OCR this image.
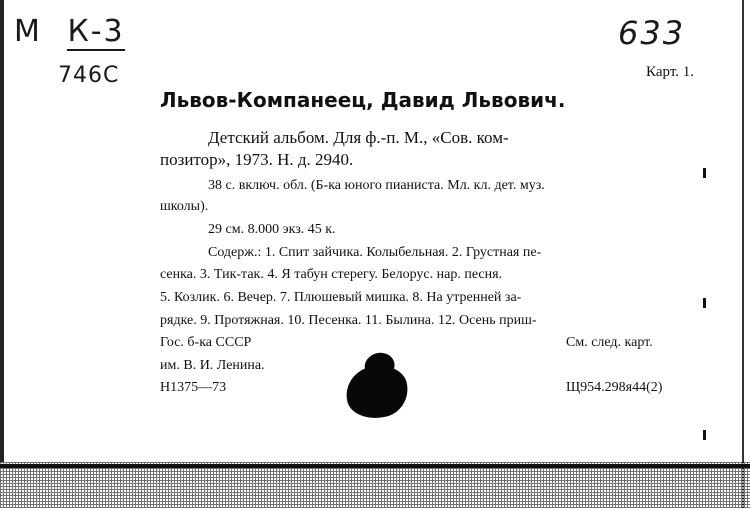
М К-3
746С
633
Карт. 1.
Львов-Компанеец, Давид Львович.
Детский альбом. Для ф.-п. М., «Сов. ком-
позитор», 1973. Н. д. 2940.
38 с. включ. обл. (Б-ка юного пианиста. Мл. кл. дет. муз.
школы).
29 см. 8.000 экз. 45 к.
Содерж.: 1. Спит зайчика. Колыбельная. 2. Грустная пе-
сенка. 3. Тик-так. 4. Я табун стерегу. Белорус. нар. песня.
5. Козлик. 6. Вечер. 7. Плюшевый мишка. 8. На утренней за-
рядке. 9. Протяжная. 10. Песенка. 11. Былина. 12. Осень приш-
Гос. б-ка СССР	См. след. карт.
им. В. И. Ленина.
Н1375—73	Щ954.298я44(2)
